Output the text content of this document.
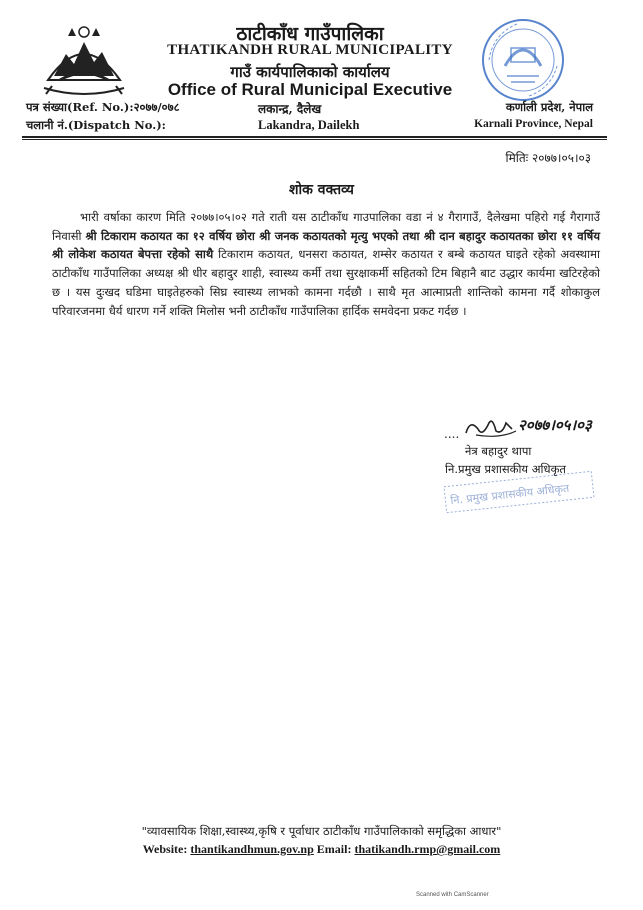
ठाटीकाँध गाउँपालिका
THATIKANDH RURAL MUNICIPALITY
गाउँ कार्यपालिकाको कार्यालय
Office of Rural Municipal Executive
पत्र संख्या(Ref. No.):२०७७/०७८
चलानी नं.(Dispatch No.):
लकान्द्र, दैलेख
Lakandra, Dailekh
कर्णाली प्रदेश, नेपाल
Karnali Province, Nepal
मितिः २०७७।०५।०३
शोक वक्तव्य
भारी वर्षाका कारण मिति २०७७।०५।०२ गते राती यस ठाटीकाँध गाउपालिका वडा नं ४ गैरागाउँ, दैलेखमा पहिरो गई गैरागाउँ निवासी श्री टिकाराम कठायत का १२ वर्षिय छोरा श्री जनक कठायतको मृत्यु भएको तथा श्री दान बहादुर कठायतका छोरा ११ वर्षिय श्री लोकेश कठायत बेपत्ता रहेको साथै टिकाराम कठायत, धनसरा कठायत, शम्सेर कठायत र बम्बे कठायत घाइते रहेको अवस्थामा ठाटीकाँध गाउँपालिका अध्यक्ष श्री धीर बहादुर शाही, स्वास्थ्य कर्मी तथा सुरक्षाकर्मी सहितको टिम बिहानै बाट उद्धार कार्यमा खटिरहेको छ । यस दुःखद घडिमा घाइतेहरुको सिघ्र स्वास्थ्य लाभको कामना गर्दछौ । साथै मृत आत्माप्रती शान्तिको कामना गर्दै शोकाकुल परिवारजनमा धैर्य धारण गर्ने शक्ति मिलोस भनी ठाटीकाँध गाउँपालिका हार्दिक समवेदना प्रकट गर्दछ ।
....	२०७७।०५।०३
नेत्र बहादुर थापा
नि.प्रमुख प्रशासकीय अधिकृत
नि. प्रमुख प्रशासकीय अधिकृत
"व्यावसायिक शिक्षा,स्वास्थ्य,कृषि र पूर्वाधार ठाटीकाँध गाउँपालिकाको समृद्धिका आधार"
Website: thantikandhmun.gov.np Email: thatikandh.rmp@gmail.com
Scanned with CamScanner
